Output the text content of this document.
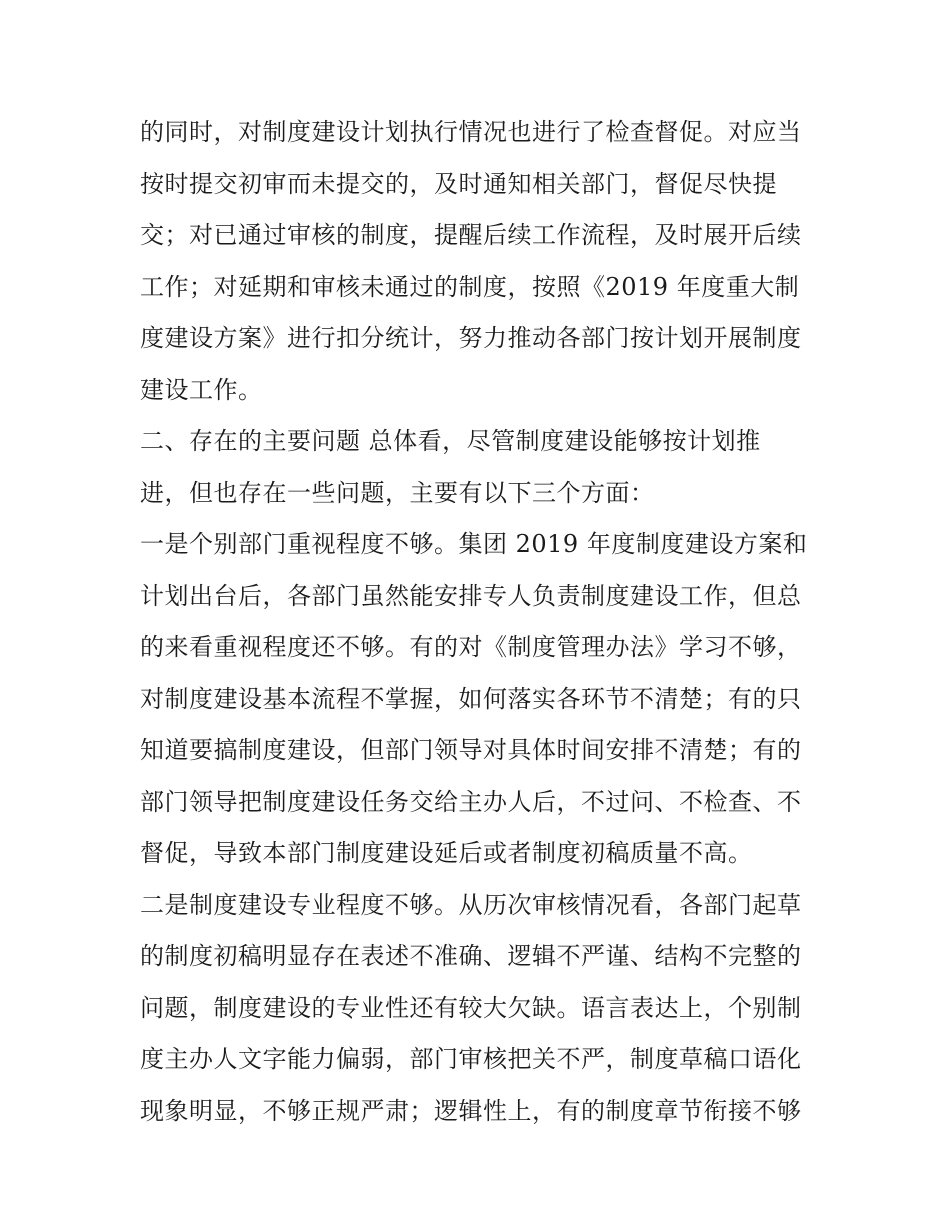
的同时，对制度建设计划执行情况也进行了检查督促。对应当
按时提交初审而未提交的，及时通知相关部门，督促尽快提
交；对已通过审核的制度，提醒后续工作流程，及时展开后续
工作；对延期和审核未通过的制度，按照《2019 年度重大制
度建设方案》进行扣分统计，努力推动各部门按计划开展制度
建设工作。
二、存在的主要问题 总体看，尽管制度建设能够按计划推
进，但也存在一些问题，主要有以下三个方面：
一是个别部门重视程度不够。集团 2019 年度制度建设方案和
计划出台后，各部门虽然能安排专人负责制度建设工作，但总
的来看重视程度还不够。有的对《制度管理办法》学习不够，
对制度建设基本流程不掌握，如何落实各环节不清楚；有的只
知道要搞制度建设，但部门领导对具体时间安排不清楚；有的
部门领导把制度建设任务交给主办人后，不过问、不检查、不
督促，导致本部门制度建设延后或者制度初稿质量不高。
二是制度建设专业程度不够。从历次审核情况看，各部门起草
的制度初稿明显存在表述不准确、逻辑不严谨、结构不完整的
问题，制度建设的专业性还有较大欠缺。语言表达上，个别制
度主办人文字能力偏弱，部门审核把关不严，制度草稿口语化
现象明显，不够正规严肃；逻辑性上，有的制度章节衔接不够
